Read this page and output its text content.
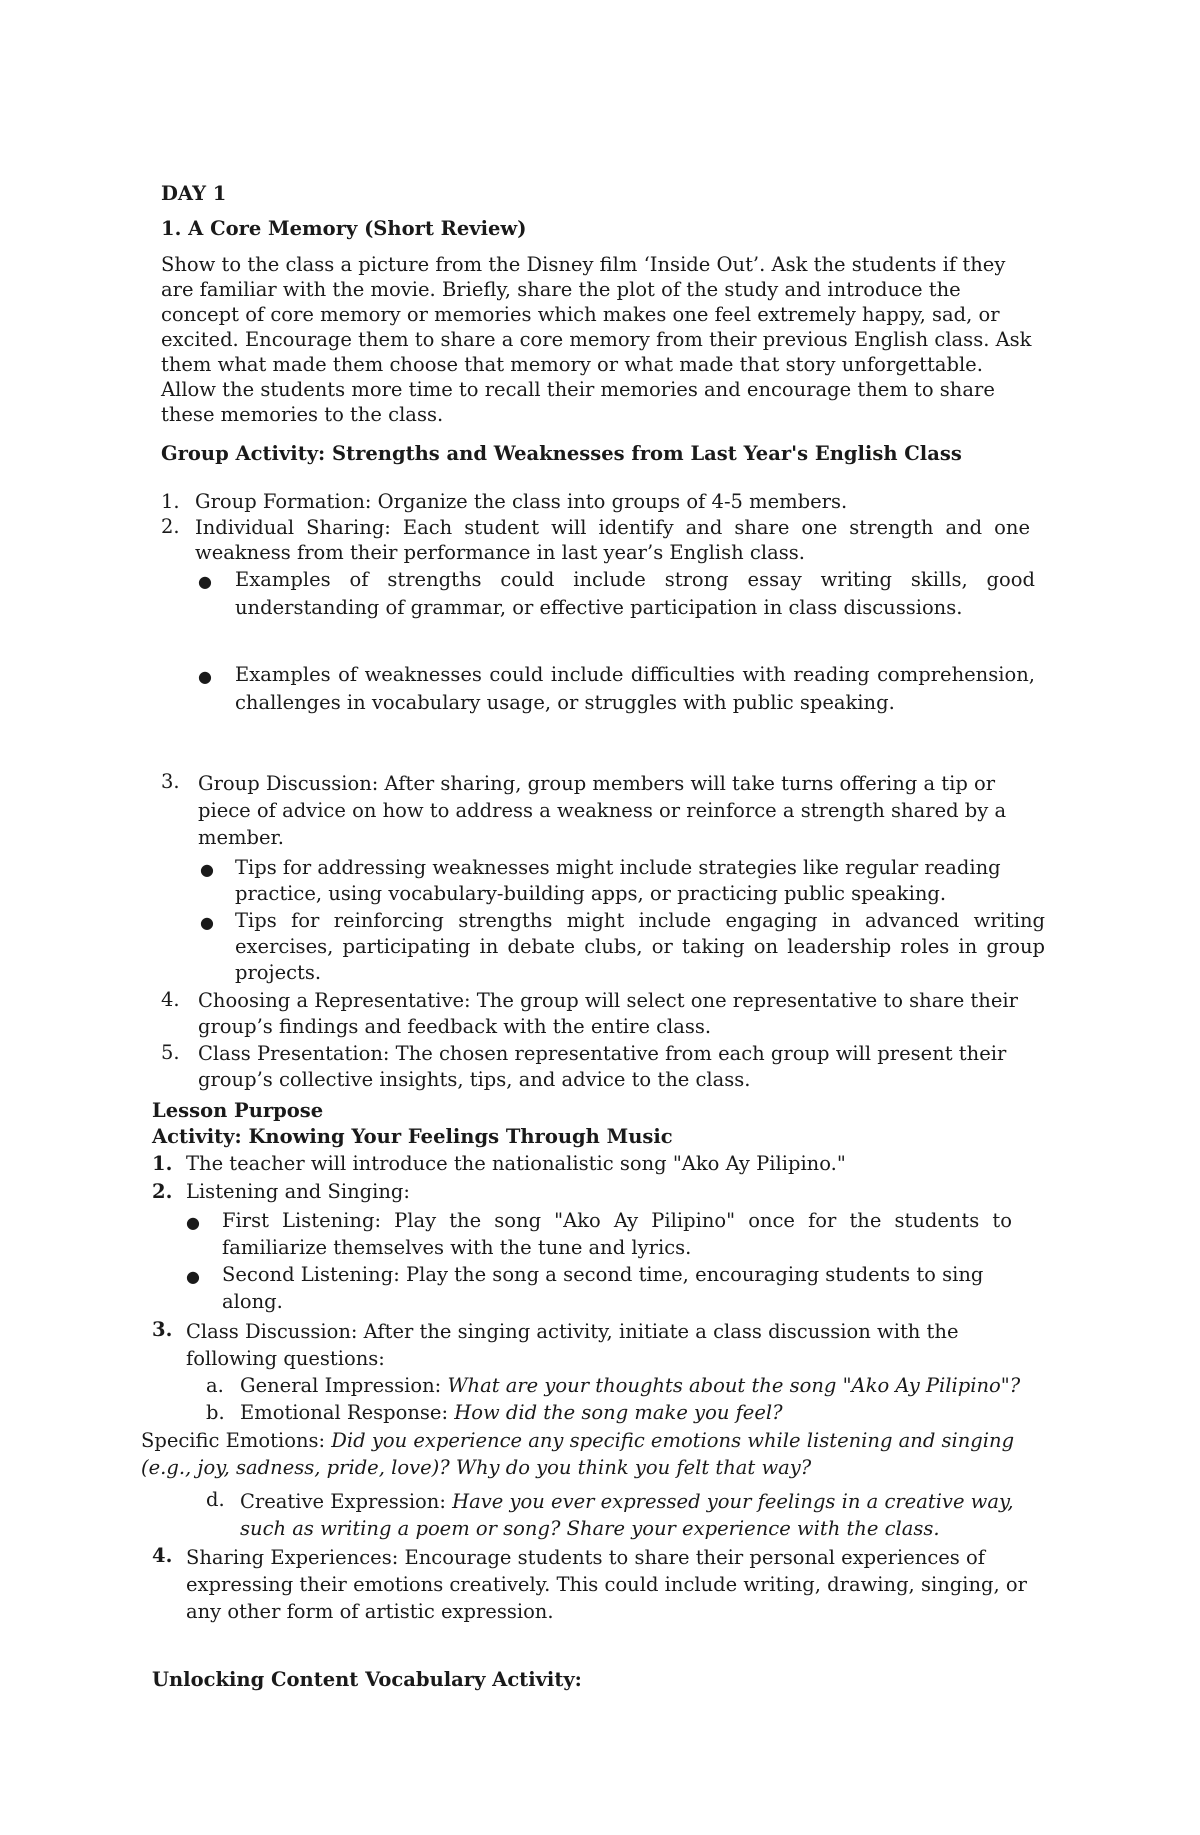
DAY 1

1. A Core Memory (Short Review)

Show to the class a picture from the Disney film ‘Inside Out’. Ask the students if they are familiar with the movie. Briefly, share the plot of the study and introduce the concept of core memory or memories which makes one feel extremely happy, sad, or excited. Encourage them to share a core memory from their previous English class. Ask them what made them choose that memory or what made that story unforgettable. Allow the students more time to recall their memories and encourage them to share these memories to the class.

Group Activity: Strengths and Weaknesses from Last Year's English Class

1. Group Formation: Organize the class into groups of 4-5 members.

2. Individual Sharing: Each student will identify and share one strength and one weakness from their performance in last year’s English class.

● Examples of strengths could include strong essay writing skills, good understanding of grammar, or effective participation in class discussions.

● Examples of weaknesses could include difficulties with reading comprehension, challenges in vocabulary usage, or struggles with public speaking.

3. Group Discussion: After sharing, group members will take turns offering a tip or piece of advice on how to address a weakness or reinforce a strength shared by a member.

● Tips for addressing weaknesses might include strategies like regular reading practice, using vocabulary-building apps, or practicing public speaking.

● Tips for reinforcing strengths might include engaging in advanced writing exercises, participating in debate clubs, or taking on leadership roles in group projects.

4. Choosing a Representative: The group will select one representative to share their group’s findings and feedback with the entire class.

5. Class Presentation: The chosen representative from each group will present their group’s collective insights, tips, and advice to the class.

Lesson Purpose

Activity: Knowing Your Feelings Through Music

1. The teacher will introduce the nationalistic song "Ako Ay Pilipino."

2. Listening and Singing:

● First Listening: Play the song "Ako Ay Pilipino" once for the students to familiarize themselves with the tune and lyrics.

● Second Listening: Play the song a second time, encouraging students to sing along.

3. Class Discussion: After the singing activity, initiate a class discussion with the following questions:

a. General Impression: What are your thoughts about the song "Ako Ay Pilipino"?

b. Emotional Response: How did the song make you feel?

Specific Emotions: Did you experience any specific emotions while listening and singing (e.g., joy, sadness, pride, love)? Why do you think you felt that way?

d. Creative Expression: Have you ever expressed your feelings in a creative way, such as writing a poem or song? Share your experience with the class.

4. Sharing Experiences: Encourage students to share their personal experiences of expressing their emotions creatively. This could include writing, drawing, singing, or any other form of artistic expression.

Unlocking Content Vocabulary Activity:
